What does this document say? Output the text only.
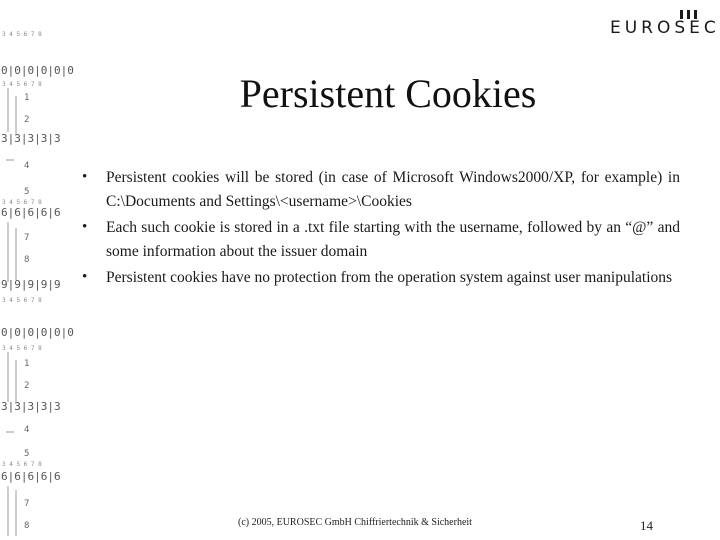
3 4 5 6 7 8
0|0|0|0|0|0
3 4 5 6 7 8
1
2
3|3|3|3|3
4
5
3 4 5 6 7 8
6|6|6|6|6
7
8
9|9|9|9|9
3 4 5 6 7 8
0|0|0|0|0|0
3 4 5 6 7 8
1
2
3|3|3|3|3
4
5
3 4 5 6 7 8
6|6|6|6|6
7
8
EUROSEC
Persistent Cookies
• Persistent cookies will be stored (in case of Microsoft Windows2000/XP, for example) in C:\Documents and Settings\<username>\Cookies
• Each such cookie is stored in a .txt file starting with the username, followed by an “@” and some information about the issuer domain
• Persistent cookies have no protection from the operation system against user manipulations
(c) 2005, EUROSEC GmbH Chiffriertechnik & Sicherheit	14
